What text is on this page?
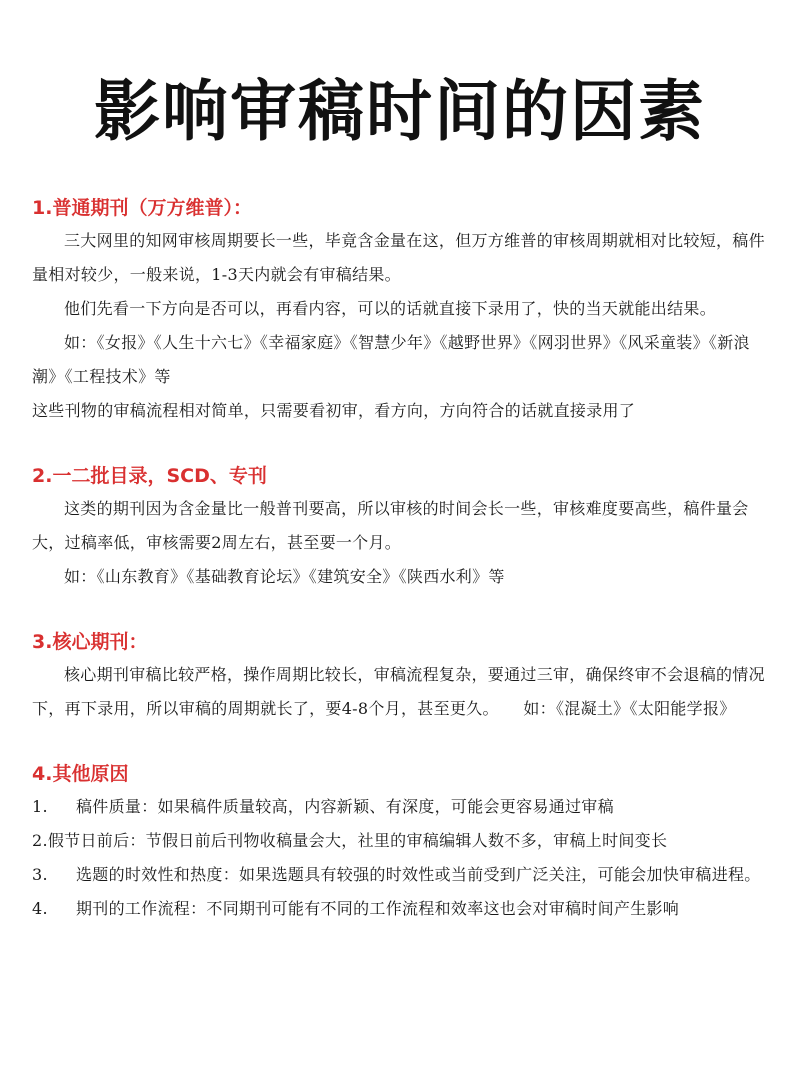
影响审稿时间的因素

1.普通期刊（万方维普）：

三大网里的知网审核周期要长一些，毕竟含金量在这，但万方维普的审核周期就相对比较短，稿件量相对较少，一般来说，1-3天内就会有审稿结果。

他们先看一下方向是否可以，再看内容，可以的话就直接下录用了，快的当天就能出结果。

如：《女报》《人生十六七》《幸福家庭》《智慧少年》《越野世界》《网羽世界》《风采童装》《新浪潮》《工程技术》等

这些刊物的审稿流程相对简单，只需要看初审，看方向，方向符合的话就直接录用了

2.一二批目录，SCD、专刊

这类的期刊因为含金量比一般普刊要高，所以审核的时间会长一些，审核难度要高些，稿件量会大，过稿率低，审核需要2周左右，甚至要一个月。

如：《山东教育》《基础教育论坛》《建筑安全》《陕西水利》等

3.核心期刊：

核心期刊审稿比较严格，操作周期比较长，审稿流程复杂，要通过三审，确保终审不会退稿的情况下，再下录用，所以审稿的周期就长了，要4-8个月，甚至更久。　　如：《混凝土》《太阳能学报》

4.其他原因

1. 稿件质量：如果稿件质量较高，内容新颖、有深度，可能会更容易通过审稿

2.假节日前后：节假日前后刊物收稿量会大，社里的审稿编辑人数不多，审稿上时间变长

3. 选题的时效性和热度：如果选题具有较强的时效性或当前受到广泛关注，可能会加快审稿进程。

4. 期刊的工作流程：不同期刊可能有不同的工作流程和效率这也会对审稿时间产生影响
